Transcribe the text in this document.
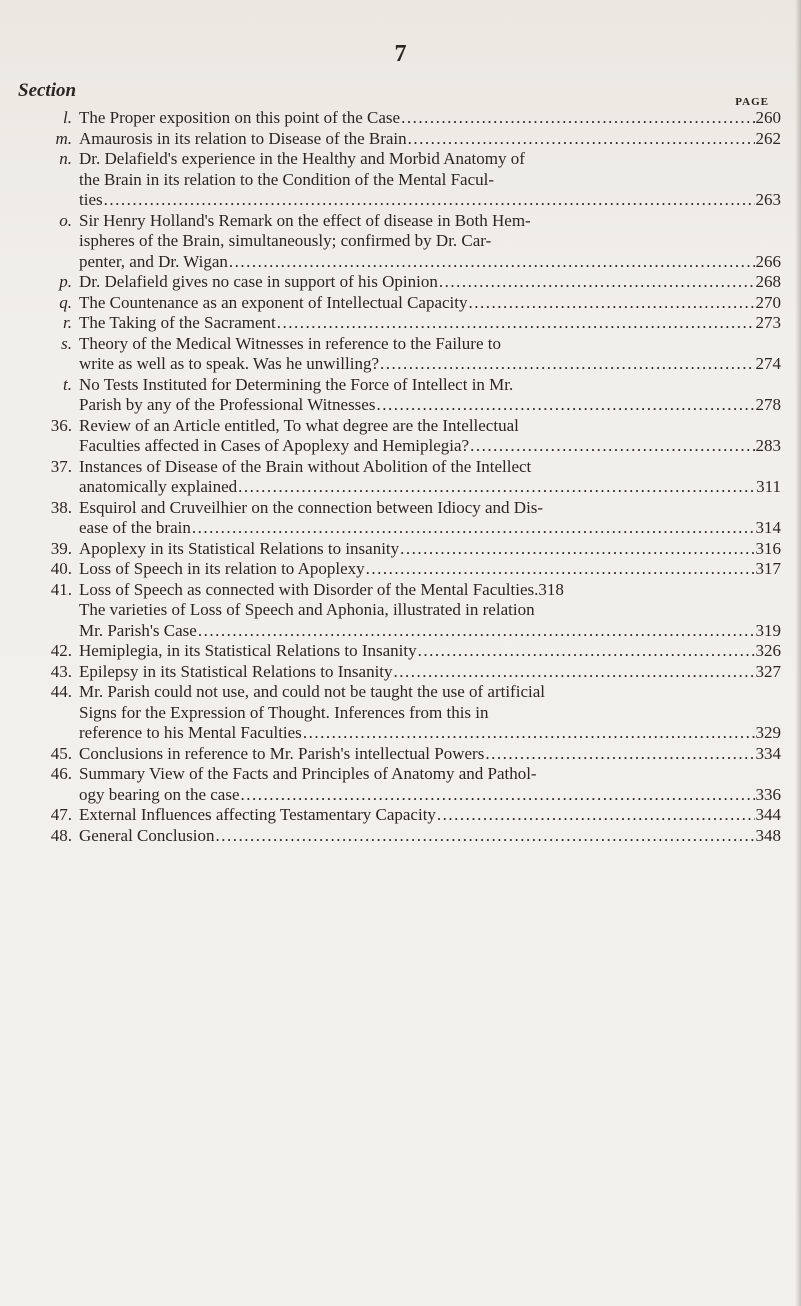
7
Section
PAGE
l. The Proper exposition on this point of the Case .....	260
m. Amaurosis in its relation to Disease of the Brain .....	262
n. Dr. Delafield's experience in the Healthy and Morbid Anatomy of
the Brain in its relation to the Condition of the Mental Facul-
ties .....	263
o. Sir Henry Holland's Remark on the effect of disease in Both Hem-
ispheres of the Brain, simultaneously; confirmed by Dr. Car-
penter, and Dr. Wigan .....	266
p. Dr. Delafield gives no case in support of his Opinion .....	268
q. The Countenance as an exponent of Intellectual Capacity .....	270
r. The Taking of the Sacrament .....	273
s. Theory of the Medical Witnesses in reference to the Failure to
write as well as to speak. Was he unwilling? .....	274
t. No Tests Instituted for Determining the Force of Intellect in Mr.
Parish by any of the Professional Witnesses .....	278
36. Review of an Article entitled, To what degree are the Intellectual
Faculties affected in Cases of Apoplexy and Hemiplegia? .....	283
37. Instances of Disease of the Brain without Abolition of the Intellect
anatomically explained .....	311
38. Esquirol and Cruveilhier on the connection between Idiocy and Dis-
ease of the brain .....	314
39. Apoplexy in its Statistical Relations to insanity .....	316
40. Loss of Speech in its relation to Apoplexy .....	317
41. Loss of Speech as connected with Disorder of the Mental Faculties.318
The varieties of Loss of Speech and Aphonia, illustrated in relation
Mr. Parish's Case .....	319
42. Hemiplegia, in its Statistical Relations to Insanity .....	326
43. Epilepsy in its Statistical Relations to Insanity .....	327
44. Mr. Parish could not use, and could not be taught the use of artificial
Signs for the Expression of Thought. Inferences from this in
reference to his Mental Faculties .....	329
45. Conclusions in reference to Mr. Parish's intellectual Powers .....	334
46. Summary View of the Facts and Principles of Anatomy and Pathol-
ogy bearing on the case .....	336
47. External Influences affecting Testamentary Capacity .....	344
48. General Conclusion .....	348
